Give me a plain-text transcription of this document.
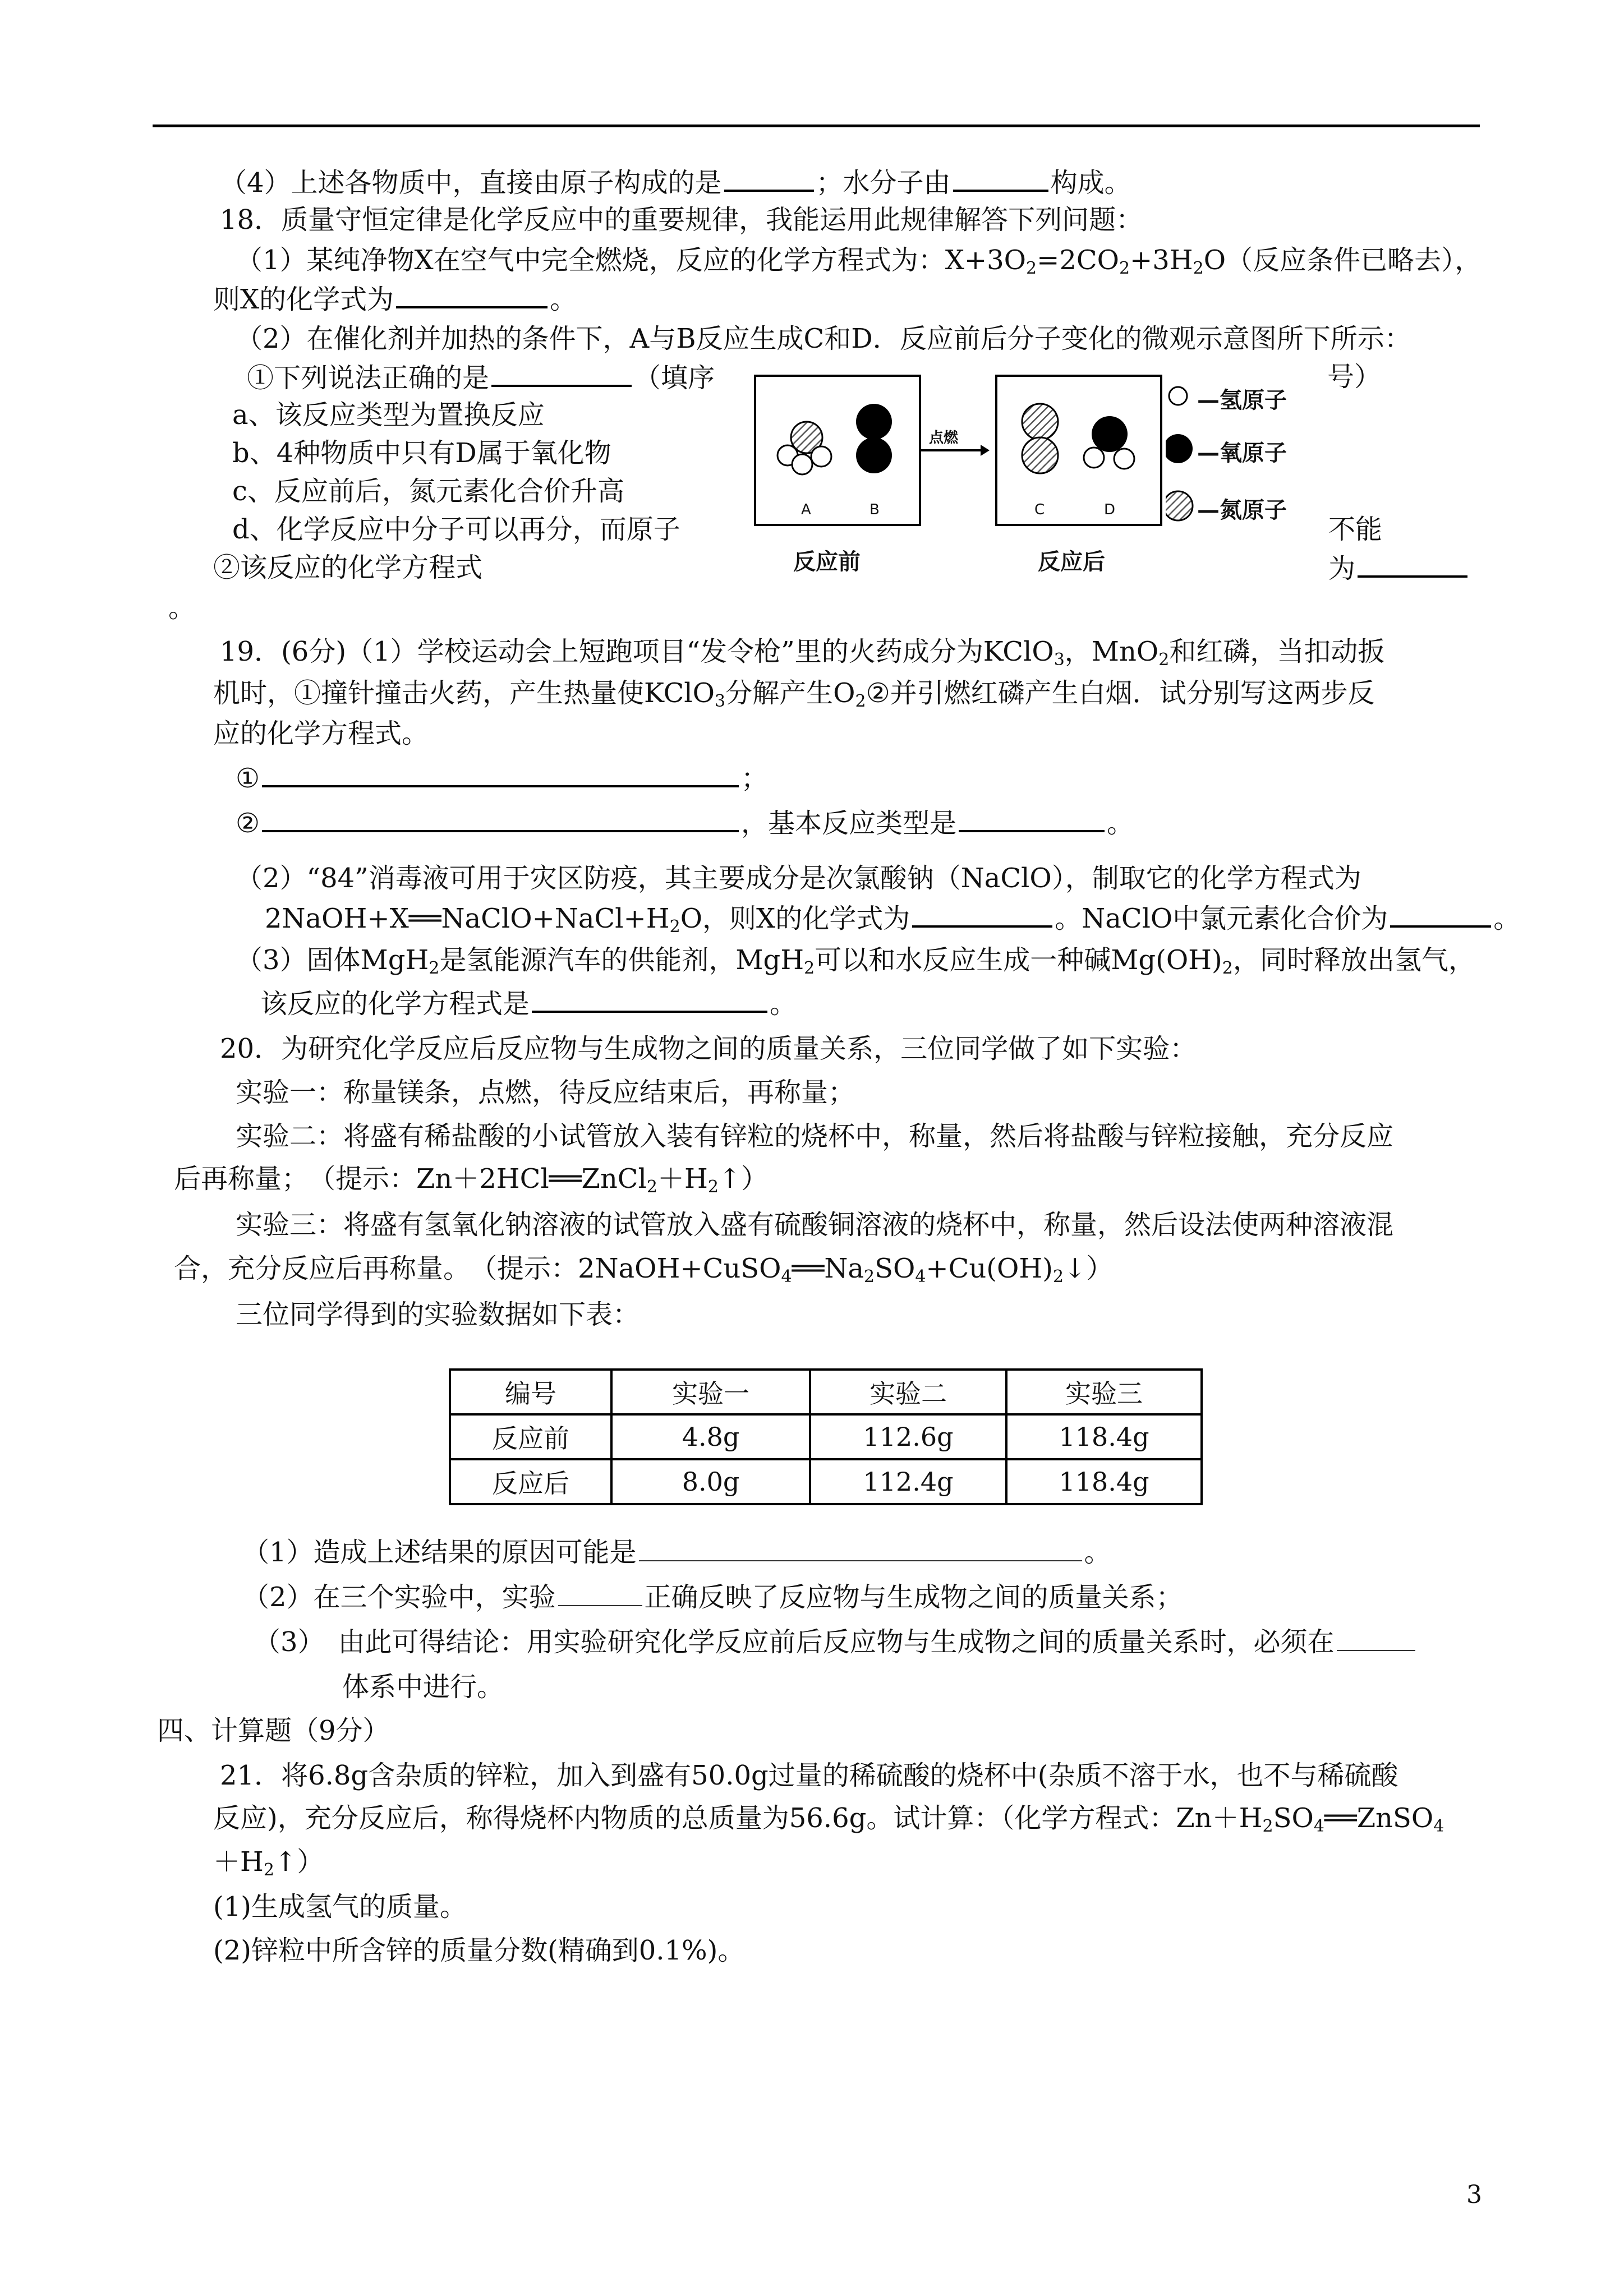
（4）上述各物质中，直接由原子构成的是	；水分子由	构成。
18．质量守恒定律是化学反应中的重要规律，我能运用此规律解答下列问题：
（1）某纯净物X在空气中完全燃烧，反应的化学方程式为：$X+3O_2=2CO_2+3H_2O$（反应条件已略去），
则X的化学式为	。
（2）在催化剂并加热的条件下，A与B反应生成C和D．反应前后分子变化的微观示意图所下所示：
①下列说法正确的是	（填序	号）
a、该反应类型为置换反应
b、4种物质中只有D属于氧化物
c、反应前后，氮元素化合价升高
d、化学反应中分子可以再分，而原子	不能
②该反应的化学方程式	为
。
A	B
点燃
C	D
反应前	反应后
—氢原子
—氧原子
—氮原子
19．(6分)（1）学校运动会上短跑项目“发令枪”里的火药成分为KClO$_3$，MnO$_2$和红磷，当扣动扳
机时，①撞针撞击火药，产生热量使KClO$_3$分解产生$O_2②$并引燃红磷产生白烟．试分别写这两步反
应的化学方程式。
①	；
②	，基本反应类型是	。
（2）“84”消毒液可用于灾区防疫，其主要成分是次氯酸钠（NaClO），制取它的化学方程式为
$2NaOH+X══NaClO+NaCl+H_2O$，则X的化学式为	。NaClO中氯元素化合价为	。
（3）固体MgH$_2$是氢能源汽车的供能剂，MgH$_2$可以和水反应生成一种碱$Mg(OH)_2$，同时释放出氢气，
该反应的化学方程式是	。
20．为研究化学反应后反应物与生成物之间的质量关系，三位同学做了如下实验：
实验一：称量镁条，点燃，待反应结束后，再称量；
实验二：将盛有稀盐酸的小试管放入装有锌粒的烧杯中，称量，然后将盐酸与锌粒接触，充分反应
后再称量；　（提示：$Zn+2HCl══ZnCl_2+H_2↑$）
实验三：将盛有氢氧化钠溶液的试管放入盛有硫酸铜溶液的烧杯中，称量，然后设法使两种溶液混
合，充分反应后再称量。　（提示：$2NaOH+CuSO_4══Na_2SO_4+Cu(OH)_2↓$）
三位同学得到的实验数据如下表：
编号	实验一	实验二	实验三
反应前	4.8g	112.6g	118.4g
反应后	8.0g	112.4g	118.4g
（1）造成上述结果的原因可能是	。
（2）在三个实验中，实验	正确反映了反应物与生成物之间的质量关系；
（3）　由此可得结论：用实验研究化学反应前后反应物与生成物之间的质量关系时，必须在
体系中进行。
四、计算题（9分）
21．将6.8g含杂质的锌粒，加入到盛有50.0g过量的稀硫酸的烧杯中(杂质不溶于水，也不与稀硫酸
反应)，充分反应后，称得烧杯内物质的总质量为56.6g。试计算：（化学方程式：$Zn+H_2SO_4══ZnSO_4$
$+H_2↑$）
(1)生成氢气的质量。
(2)锌粒中所含锌的质量分数(精确到0.1%)。
3
